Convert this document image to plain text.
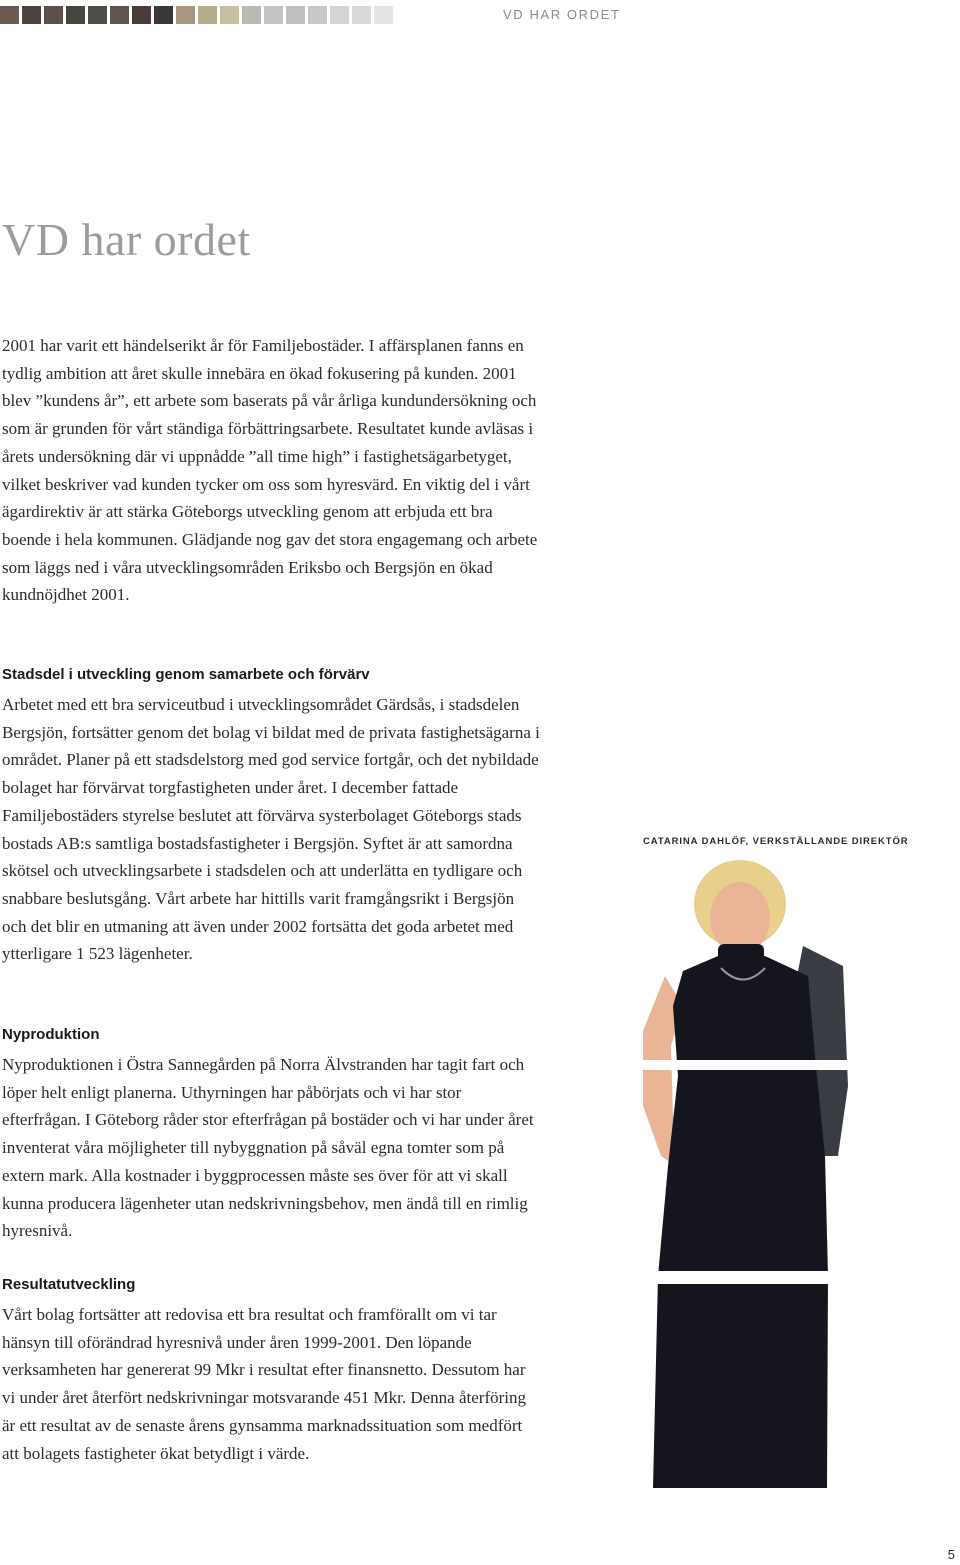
VD HAR ORDET
VD har ordet

2001 har varit ett händelserikt år för Familjebostäder. I affärsplanen fanns en tydlig ambition att året skulle innebära en ökad fokusering på kunden. 2001 blev ”kundens år”, ett arbete som baserats på vår årliga kundundersökning och som är grunden för vårt ständiga förbättringsarbete. Resultatet kunde avläsas i årets undersökning där vi uppnådde ”all time high” i fastighetsägarbetyget, vilket beskriver vad kunden tycker om oss som hyresvärd. En viktig del i vårt ägardirektiv är att stärka Göteborgs utveckling genom att erbjuda ett bra boende i hela kommunen. Glädjande nog gav det stora engagemang och arbete som läggs ned i våra utvecklingsområden Eriksbo och Bergsjön en ökad kundnöjdhet 2001.

Stadsdel i utveckling genom samarbete och förvärv

Arbetet med ett bra serviceutbud i utvecklingsområdet Gärdsås, i stadsdelen Bergsjön, fortsätter genom det bolag vi bildat med de privata fastighetsägarna i området. Planer på ett stadsdelstorg med god service fortgår, och det nybildade bolaget har förvärvat torgfastigheten under året. I december fattade Familjebostäders styrelse beslutet att förvärva systerbolaget Göteborgs stads bostads AB:s samtliga bostadsfastigheter i Bergsjön. Syftet är att samordna skötsel och utvecklingsarbete i stadsdelen och att underlätta en tydligare och snabbare beslutsgång. Vårt arbete har hittills varit framgångsrikt i Bergsjön och det blir en utmaning att även under 2002 fortsätta det goda arbetet med ytterligare 1 523 lägenheter.

Nyproduktion

Nyproduktionen i Östra Sannegården på Norra Älvstranden har tagit fart och löper helt enligt planerna. Uthyrningen har påbörjats och vi har stor efterfrågan. I Göteborg råder stor efterfrågan på bostäder och vi har under året inventerat våra möjligheter till nybyggnation på såväl egna tomter som på extern mark. Alla kostnader i byggprocessen måste ses över för att vi skall kunna producera lägenheter utan nedskrivningsbehov, men ändå till en rimlig hyresnivå.

Resultatutveckling

Vårt bolag fortsätter att redovisa ett bra resultat och framförallt om vi tar hänsyn till oförändrad hyresnivå under åren 1999-2001. Den löpande verksamheten har genererat 99 Mkr i resultat efter finansnetto. Dessutom har vi under året återfört nedskrivningar motsvarande 451 Mkr. Denna återföring är ett resultat av de senaste årens gynsamma marknadssituation som medfört att bolagets fastigheter ökat betydligt i värde.

CATARINA DAHLÖF, VERKSTÄLLANDE DIREKTÖR
5
